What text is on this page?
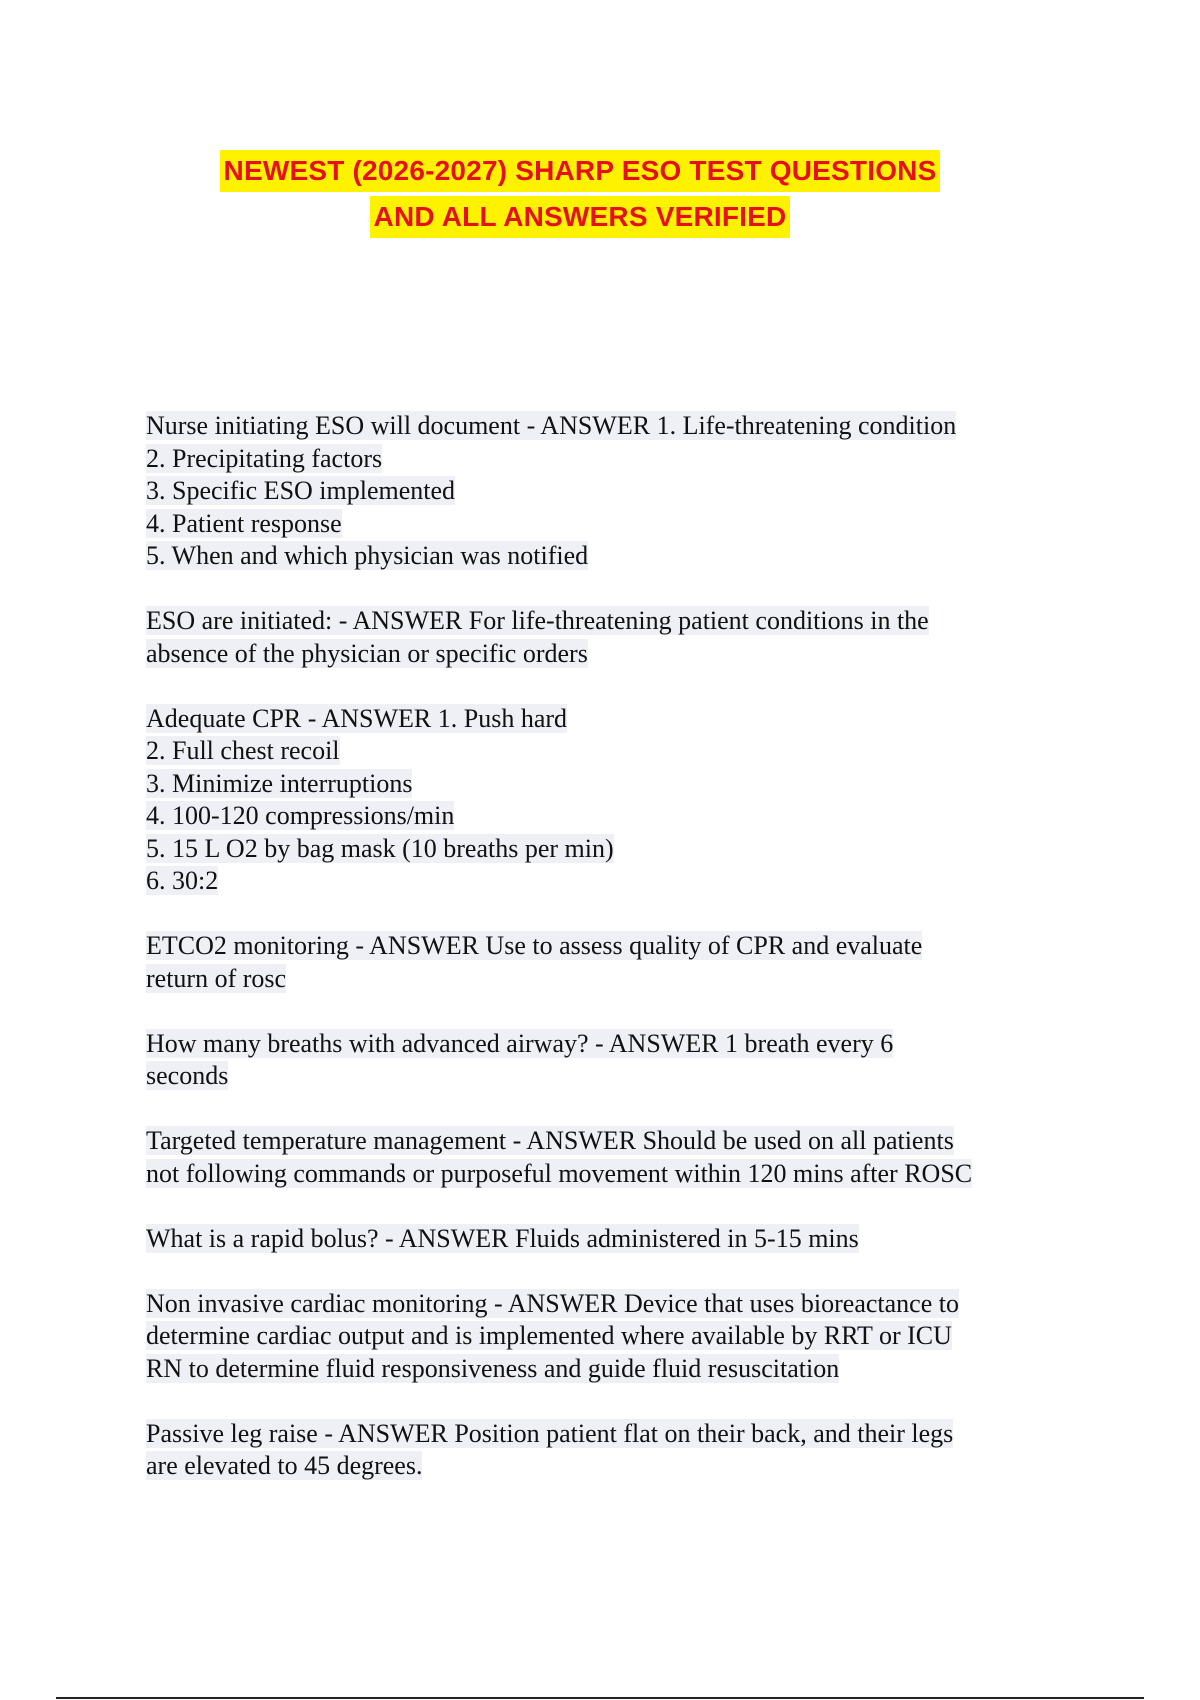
NEWEST (2026-2027) SHARP ESO TEST QUESTIONS
AND ALL ANSWERS VERIFIED
Nurse initiating ESO will document - ANSWER 1. Life-threatening condition
2. Precipitating factors
3. Specific ESO implemented
4. Patient response
5. When and which physician was notified
ESO are initiated: - ANSWER For life-threatening patient conditions in the
absence of the physician or specific orders
Adequate CPR - ANSWER 1. Push hard
2. Full chest recoil
3. Minimize interruptions
4. 100-120 compressions/min
5. 15 L O2 by bag mask (10 breaths per min)
6. 30:2
ETCO2 monitoring - ANSWER Use to assess quality of CPR and evaluate
return of rosc
How many breaths with advanced airway? - ANSWER 1 breath every 6
seconds
Targeted temperature management - ANSWER Should be used on all patients
not following commands or purposeful movement within 120 mins after ROSC
What is a rapid bolus? - ANSWER Fluids administered in 5-15 mins
Non invasive cardiac monitoring - ANSWER Device that uses bioreactance to
determine cardiac output and is implemented where available by RRT or ICU
RN to determine fluid responsiveness and guide fluid resuscitation
Passive leg raise - ANSWER Position patient flat on their back, and their legs
are elevated to 45 degrees.
